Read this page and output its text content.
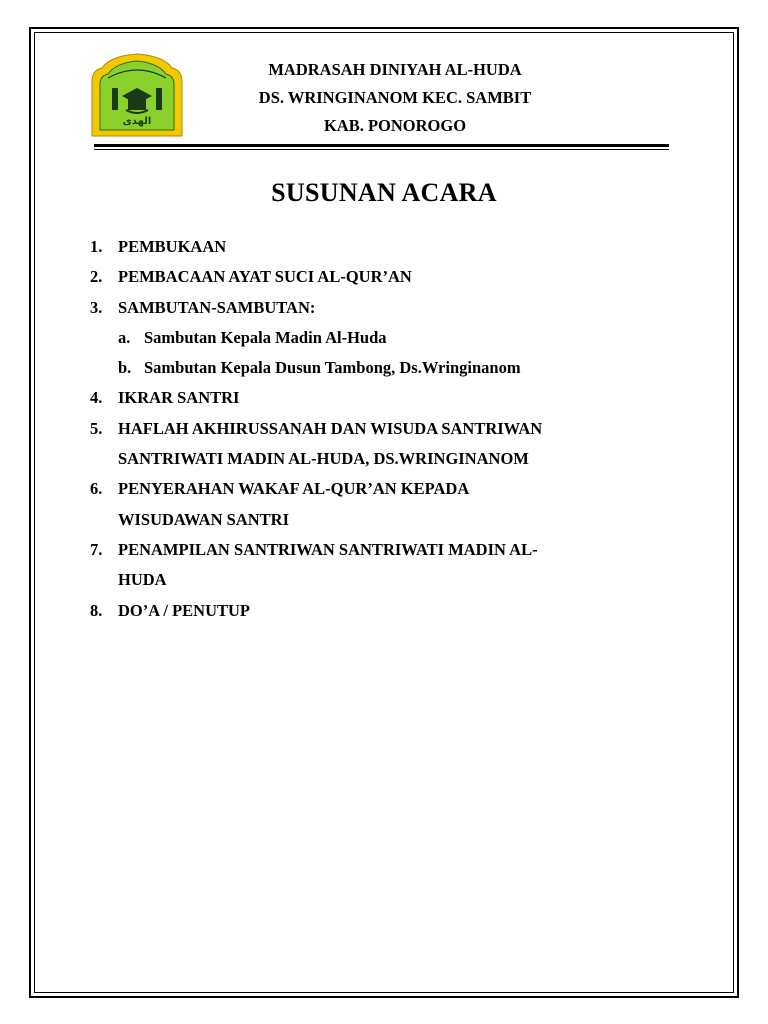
الهدى
MADRASAH DINIYAH AL-HUDA
DS. WRINGINANOM KEC. SAMBIT
KAB. PONOROGO
SUSUNAN ACARA
1. PEMBUKAAN
2. PEMBACAAN AYAT SUCI AL-QUR’AN
3. SAMBUTAN-SAMBUTAN:
a. Sambutan Kepala Madin Al-Huda
b. Sambutan Kepala Dusun Tambong, Ds.Wringinanom
4. IKRAR SANTRI
5. HAFLAH AKHIRUSSANAH DAN WISUDA SANTRIWAN
SANTRIWATI MADIN AL-HUDA, DS.WRINGINANOM
6. PENYERAHAN WAKAF AL-QUR’AN KEPADA
WISUDAWAN SANTRI
7. PENAMPILAN SANTRIWAN SANTRIWATI MADIN AL-
HUDA
8. DO’A / PENUTUP
